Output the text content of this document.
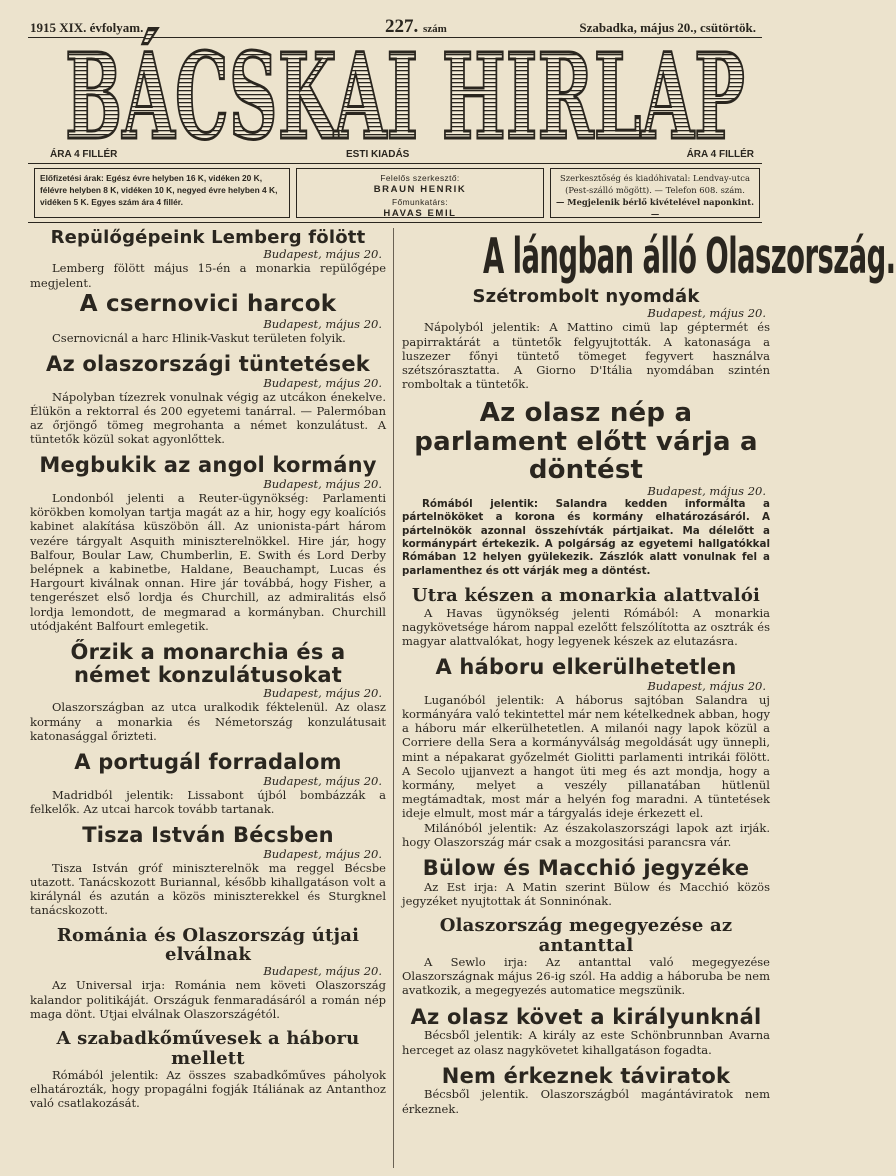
1915 XIX. évfolyam.	227. szám	Szabadka, május 20., csütörtök.
BÁCSKAI HIRLAP
ÁRA 4 FILLÉR	ESTI KIADÁS	ÁRA 4 FILLÉR
Előfizetési árak: Egész évre helyben 16 K, vidéken 20 K, félévre helyben 8 K, vidéken 10 K, negyed évre helyben 4 K, vidéken 5 K. Egyes szám ára 4 fillér.
Felelős szerkesztő:
BRAUN HENRIK
Főmunkatárs:
HAVAS EMIL
Szerkesztőség és kiadóhivatal: Lendvay-utca (Pest-szálló mögött). — Telefon 608. szám.
— Megjelenik bérlő kivételével naponkint. —
Repülőgépeink Lemberg fölött
Budapest, május 20.

Lemberg fölött május 15-én a monarkia repülőgépe megjelent.

A csernovici harcok
Budapest, május 20.

Csernovicnál a harc Hlinik-Vaskut területen folyik.

Az olaszországi tüntetések
Budapest, május 20.

Nápolyban tízezrek vonulnak végig az utcákon énekelve. Élükön a rektorral és 200 egyetemi tanárral. — Palermóban az őrjöngő tömeg megrohanta a német konzulátust. A tüntetők közül sokat agyonlőttek.

Megbukik az angol kormány
Budapest, május 20.

Londonból jelenti a Reuter-ügynökség: Parlamenti körökben komolyan tartja magát az a hir, hogy egy koalíciós kabinet alakítása küszöbön áll. Az unionista-párt három vezére tárgyalt Asquith miniszterelnökkel. Hire jár, hogy Balfour, Boular Law, Chumberlin, E. Swith és Lord Derby belépnek a kabinetbe, Haldane, Beauchampt, Lucas és Hargourt kiválnak onnan. Hire jár továbbá, hogy Fisher, a tengerészet első lordja és Churchill, az admiralitás első lordja lemondott, de megmarad a kormányban. Churchill utódjaként Balfourt emlegetik.

Őrzik a monarchia és a német konzulátusokat
Budapest, május 20.

Olaszországban az utca uralkodik féktelenül. Az olasz kormány a monarkia és Németország konzulátusait katonasággal őrizteti.

A portugál forradalom
Budapest, május 20.

Madridból jelentik: Lissabont újból bombázzák a felkelők. Az utcai harcok tovább tartanak.

Tisza István Bécsben
Budapest, május 20.

Tisza István gróf miniszterelnök ma reggel Bécsbe utazott. Tanácskozott Buriannal, később kihallgatáson volt a királynál és azután a közös miniszterekkel és Sturgknel tanácskozott.

Románia és Olaszország útjai elválnak
Budapest, május 20.

Az Universal irja: Románia nem követi Olaszország kalandor politikáját. Országuk fenmaradásáról a román nép maga dönt. Utjai elválnak Olaszországétól.

A szabadkőművesek a háboru mellett

Rómából jelentik: Az összes szabadkőműves páholyok elhatározták, hogy propagálni fogják Itáliának az Antanthoz való csatlakozását.

A lángban álló Olaszország.
Szétrombolt nyomdák
Budapest, május 20.

Nápolyból jelentik: A Mattino cimü lap géptermét és papirraktárát a tüntetők felgyujtották. A katonasága a luszezer főnyi tüntető tömeget fegyvert használva szétszórasztatta. A Giorno D'Itália nyomdában szintén romboltak a tüntetők.

Az olasz nép a parlament előtt várja a döntést
Budapest, május 20.

Rómából jelentik: Salandra kedden informálta a pártelnököket a korona és kormány elhatározásáról. A pártelnökök azonnal összehívták pártjaikat. Ma délelőtt a kormánypárt értekezik. A polgárság az egyetemi hallgatókkal Rómában 12 helyen gyülekezik. Zászlók alatt vonulnak fel a parlamenthez és ott várják meg a döntést.

Utra készen a monarkia alattvalói

A Havas ügynökség jelenti Rómából: A monarkia nagykövetsége három nappal ezelőtt felszólította az osztrák és magyar alattvalókat, hogy legyenek készek az elutazásra.

A háboru elkerülhetetlen
Budapest, május 20.

Luganóból jelentik: A háborus sajtóban Salandra uj kormányára való tekintettel már nem kételkednek abban, hogy a háboru már elkerülhetetlen. A milanói nagy lapok közül a Corriere della Sera a kormányválság megoldását ugy ünnepli, mint a népakarat győzelmét Giolitti parlamenti intrikái fölött. A Secolo ujjanvezt a hangot üti meg és azt mondja, hogy a kormány, melyet a veszély pillanatában hütlenül megtámadtak, most már a helyén fog maradni. A tüntetések ideje elmult, most már a tárgyalás ideje érkezett el.

Milánóból jelentik: Az északolaszországi lapok azt irják. hogy Olaszország már csak a mozgositási parancsra vár.

Bülow és Macchió jegyzéke

Az Est irja: A Matin szerint Bülow és Macchió közös jegyzéket nyujtottak át Sonninónak.

Olaszország megegyezése az antanttal

A Sewlo irja: Az antanttal való megegyezése Olaszországnak május 26-ig szól. Ha addig a háboruba be nem avatkozik, a megegyezés automatice megszünik.

Az olasz követ a királyunknál

Bécsből jelentik: A király az este Schönbrunnban Avarna herceget az olasz nagykövetet kihallgatáson fogadta.

Nem érkeznek táviratok

Bécsből jelentik. Olaszországból magántáviratok nem érkeznek.
